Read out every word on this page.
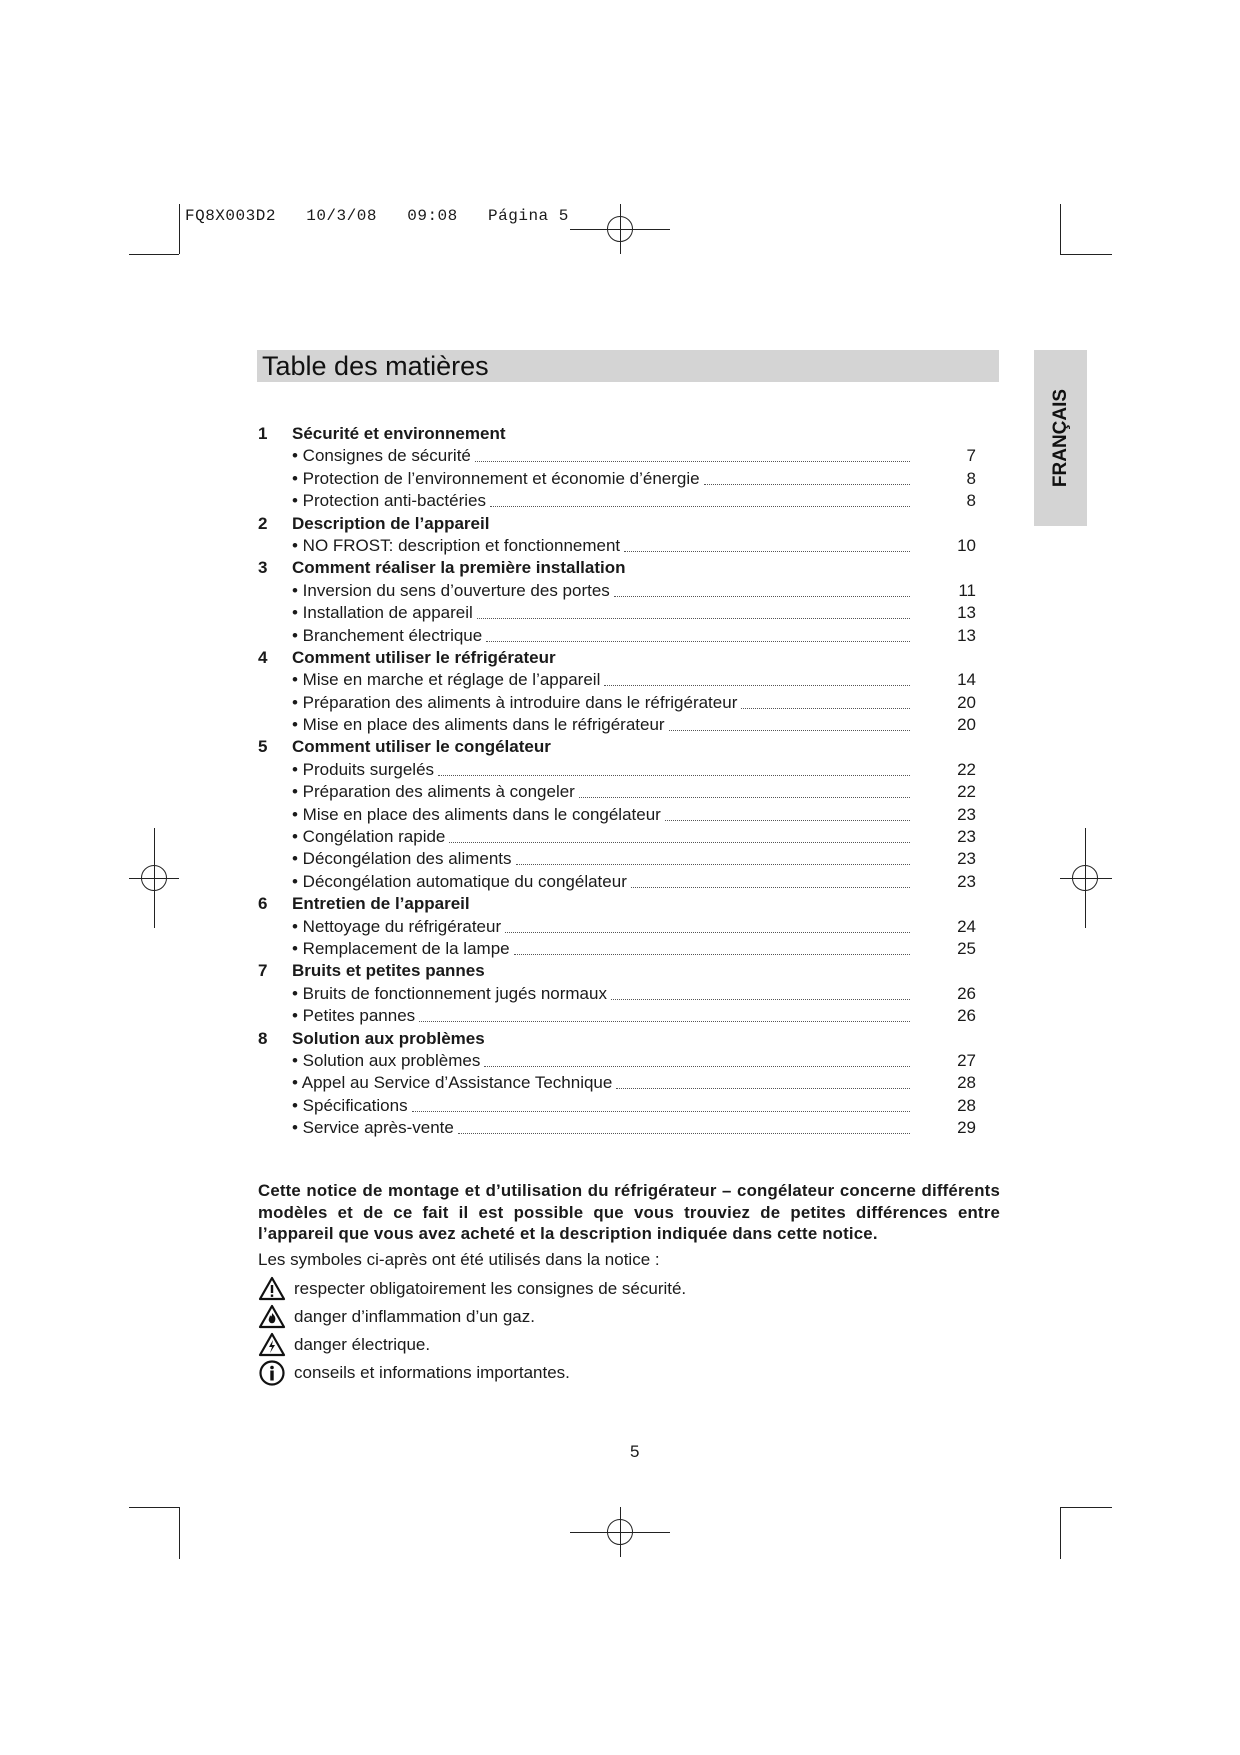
FQ8X003D2   10/3/08   09:08   Página 5
Table des matières
FRANÇAIS
1	Sécurité et environnement
• Consignes de sécurité	7
• Protection de l’environnement et économie d’énergie	8
• Protection anti-bactéries	8
2	Description de l’appareil
• NO FROST: description et fonctionnement	10
3	Comment réaliser la première installation
• Inversion du sens d’ouverture des portes	11
• Installation de appareil	13
• Branchement électrique	13
4	Comment utiliser le réfrigérateur
• Mise en marche et réglage de l’appareil	14
• Préparation des aliments à introduire dans le réfrigérateur	20
• Mise en place des aliments dans le réfrigérateur	20
5	Comment utiliser le congélateur
• Produits surgelés	22
• Préparation des aliments à congeler	22
• Mise en place des aliments dans le congélateur	23
• Congélation rapide	23
• Décongélation des aliments	23
• Décongélation automatique du congélateur	23
6	Entretien de l’appareil
• Nettoyage du réfrigérateur	24
• Remplacement de la lampe	25
7	Bruits et petites pannes
• Bruits de fonctionnement jugés normaux	26
• Petites pannes	26
8	Solution aux problèmes
• Solution aux problèmes	27
• Appel au Service d’Assistance Technique	28
• Spécifications	28
• Service après-vente	29
Cette notice de montage et d’utilisation du réfrigérateur – congélateur concerne différents modèles et de ce fait il est possible que vous trouviez de petites différences entre l’appareil que vous avez acheté et la description indiquée dans cette notice.
Les symboles ci-après ont été utilisés dans la notice :
respecter obligatoirement les consignes de sécurité.
danger d’inflammation d’un gaz.
danger électrique.
conseils et informations importantes.
5
